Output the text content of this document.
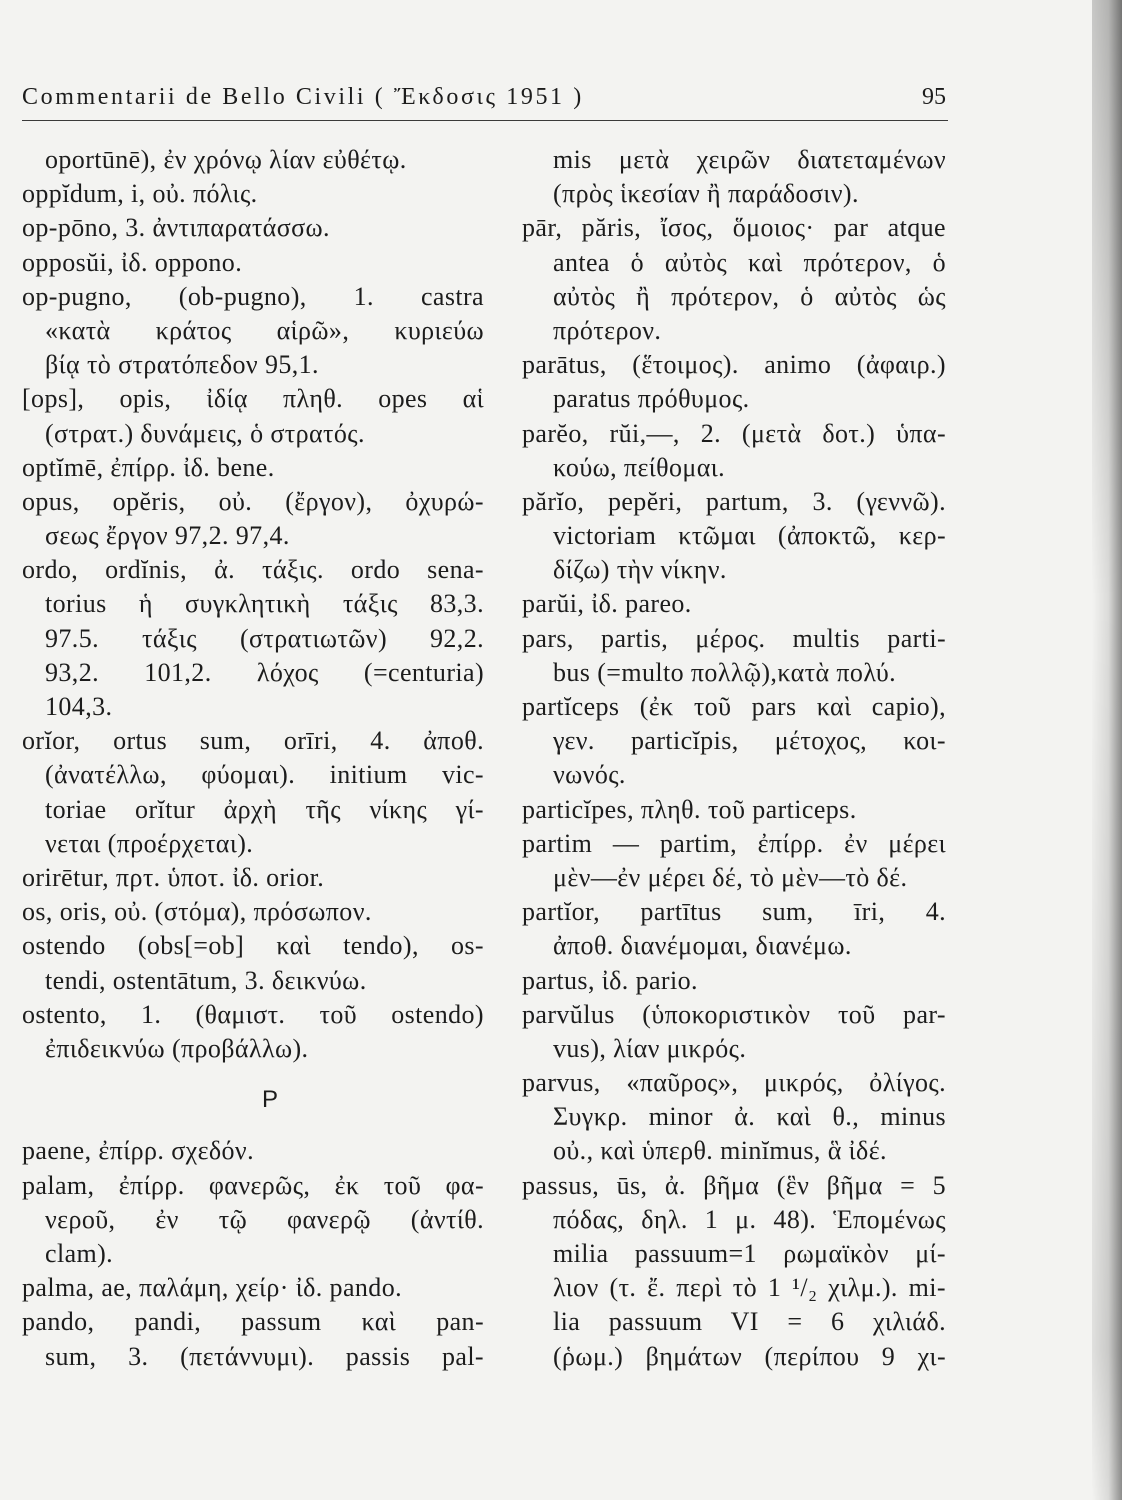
Commentarii de Bello Civili ( Ἔκδοσις 1951 )	95
oportūnē), ἐν χρόνῳ λίαν εὐθέτῳ.
oppĭdum, i, οὐ. πόλις.
op-pōno, 3. ἀντιπαρατάσσω.
opposŭi, ἰδ. oppono.
op-pugno, (ob-pugno), 1. castra
«κατὰ κράτος αἱρῶ», κυριεύω
βίᾳ τὸ στρατόπεδον 95,1.
[ops], opis, ἰδίᾳ πληθ. opes αἱ
(στρατ.) δυνάμεις, ὁ στρατός.
optĭmē, ἐπίρρ. ἰδ. bene.
opus, opĕris, οὐ. (ἔργον), ὀχυρώ-
σεως ἔργον 97,2. 97,4.
ordo, ordĭnis, ἀ. τάξις. ordo sena-
torius ἡ συγκλητικὴ τάξις 83,3.
97.5. τάξις (στρατιωτῶν) 92,2.
93,2. 101,2. λόχος (=centuria)
104,3.
orĭor, ortus sum, orīri, 4. ἀποθ.
(ἀνατέλλω, φύομαι). initium vic-
toriae orĭtur ἀρχὴ τῆς νίκης γί-
νεται (προέρχεται).
orirētur, πρτ. ὑποτ. ἰδ. orior.
os, oris, οὐ. (στόμα), πρόσωπον.
ostendo (obs[=ob] καὶ tendo), os-
tendi, ostentātum, 3. δεικνύω.
ostento, 1. (θαμιστ. τοῦ ostendo)
ἐπιδεικνύω (προβάλλω).
P
paene, ἐπίρρ. σχεδόν.
palam, ἐπίρρ. φανερῶς, ἐκ τοῦ φα-
νεροῦ, ἐν τῷ φανερῷ (ἀντίθ.
clam).
palma, ae, παλάμη, χείρ· ἰδ. pando.
pando, pandi, passum καὶ pan-
sum, 3. (πετάννυμι). passis pal-
mis μετὰ χειρῶν διατεταμένων
(πρὸς ἱκεσίαν ἢ παράδοσιν).
pār, păris, ἴσος, ὅμοιος· par atque
antea ὁ αὐτὸς καὶ πρότερον, ὁ
αὐτὸς ἢ πρότερον, ὁ αὐτὸς ὡς
πρότερον.
parātus, (ἕτοιμος). animo (ἀφαιρ.)
paratus πρόθυμος.
parĕo, rŭi,—, 2. (μετὰ δοτ.) ὑπα-
κούω, πείθομαι.
părĭo, pepĕri, partum, 3. (γεννῶ).
victoriam κτῶμαι (ἀποκτῶ, κερ-
δίζω) τὴν νίκην.
parŭi, ἰδ. pareo.
pars, partis, μέρος. multis parti-
bus (=multo πολλῷ),κατὰ πολύ.
partĭceps (ἐκ τοῦ pars καὶ capio),
γεν. particĭpis, μέτοχος, κοι-
νωνός.
particĭpes, πληθ. τοῦ particeps.
partim — partim, ἐπίρρ. ἐν μέρει
μὲν—ἐν μέρει δέ, τὸ μὲν—τὸ δέ.
partĭor, partītus sum, īri, 4.
ἀποθ. διανέμομαι, διανέμω.
partus, ἰδ. pario.
parvŭlus (ὑποκοριστικὸν τοῦ par-
vus), λίαν μικρός.
parvus, «παῦρος», μικρός, ὀλίγος.
Συγκρ. minor ἀ. καὶ θ., minus
οὐ., καὶ ὑπερθ. minĭmus, ἃ ἰδέ.
passus, ūs, ἀ. βῆμα (ἓν βῆμα = 5
πόδας, δηλ. 1 μ. 48). Ἑπομένως
milia passuum=1 ρωμαϊκὸν μί-
λιον (τ. ἔ. περὶ τὸ 1 ¹/₂ χιλμ.). mi-
lia passuum VI = 6 χιλιάδ.
(ῥωμ.) βημάτων (περίπου 9 χι-
